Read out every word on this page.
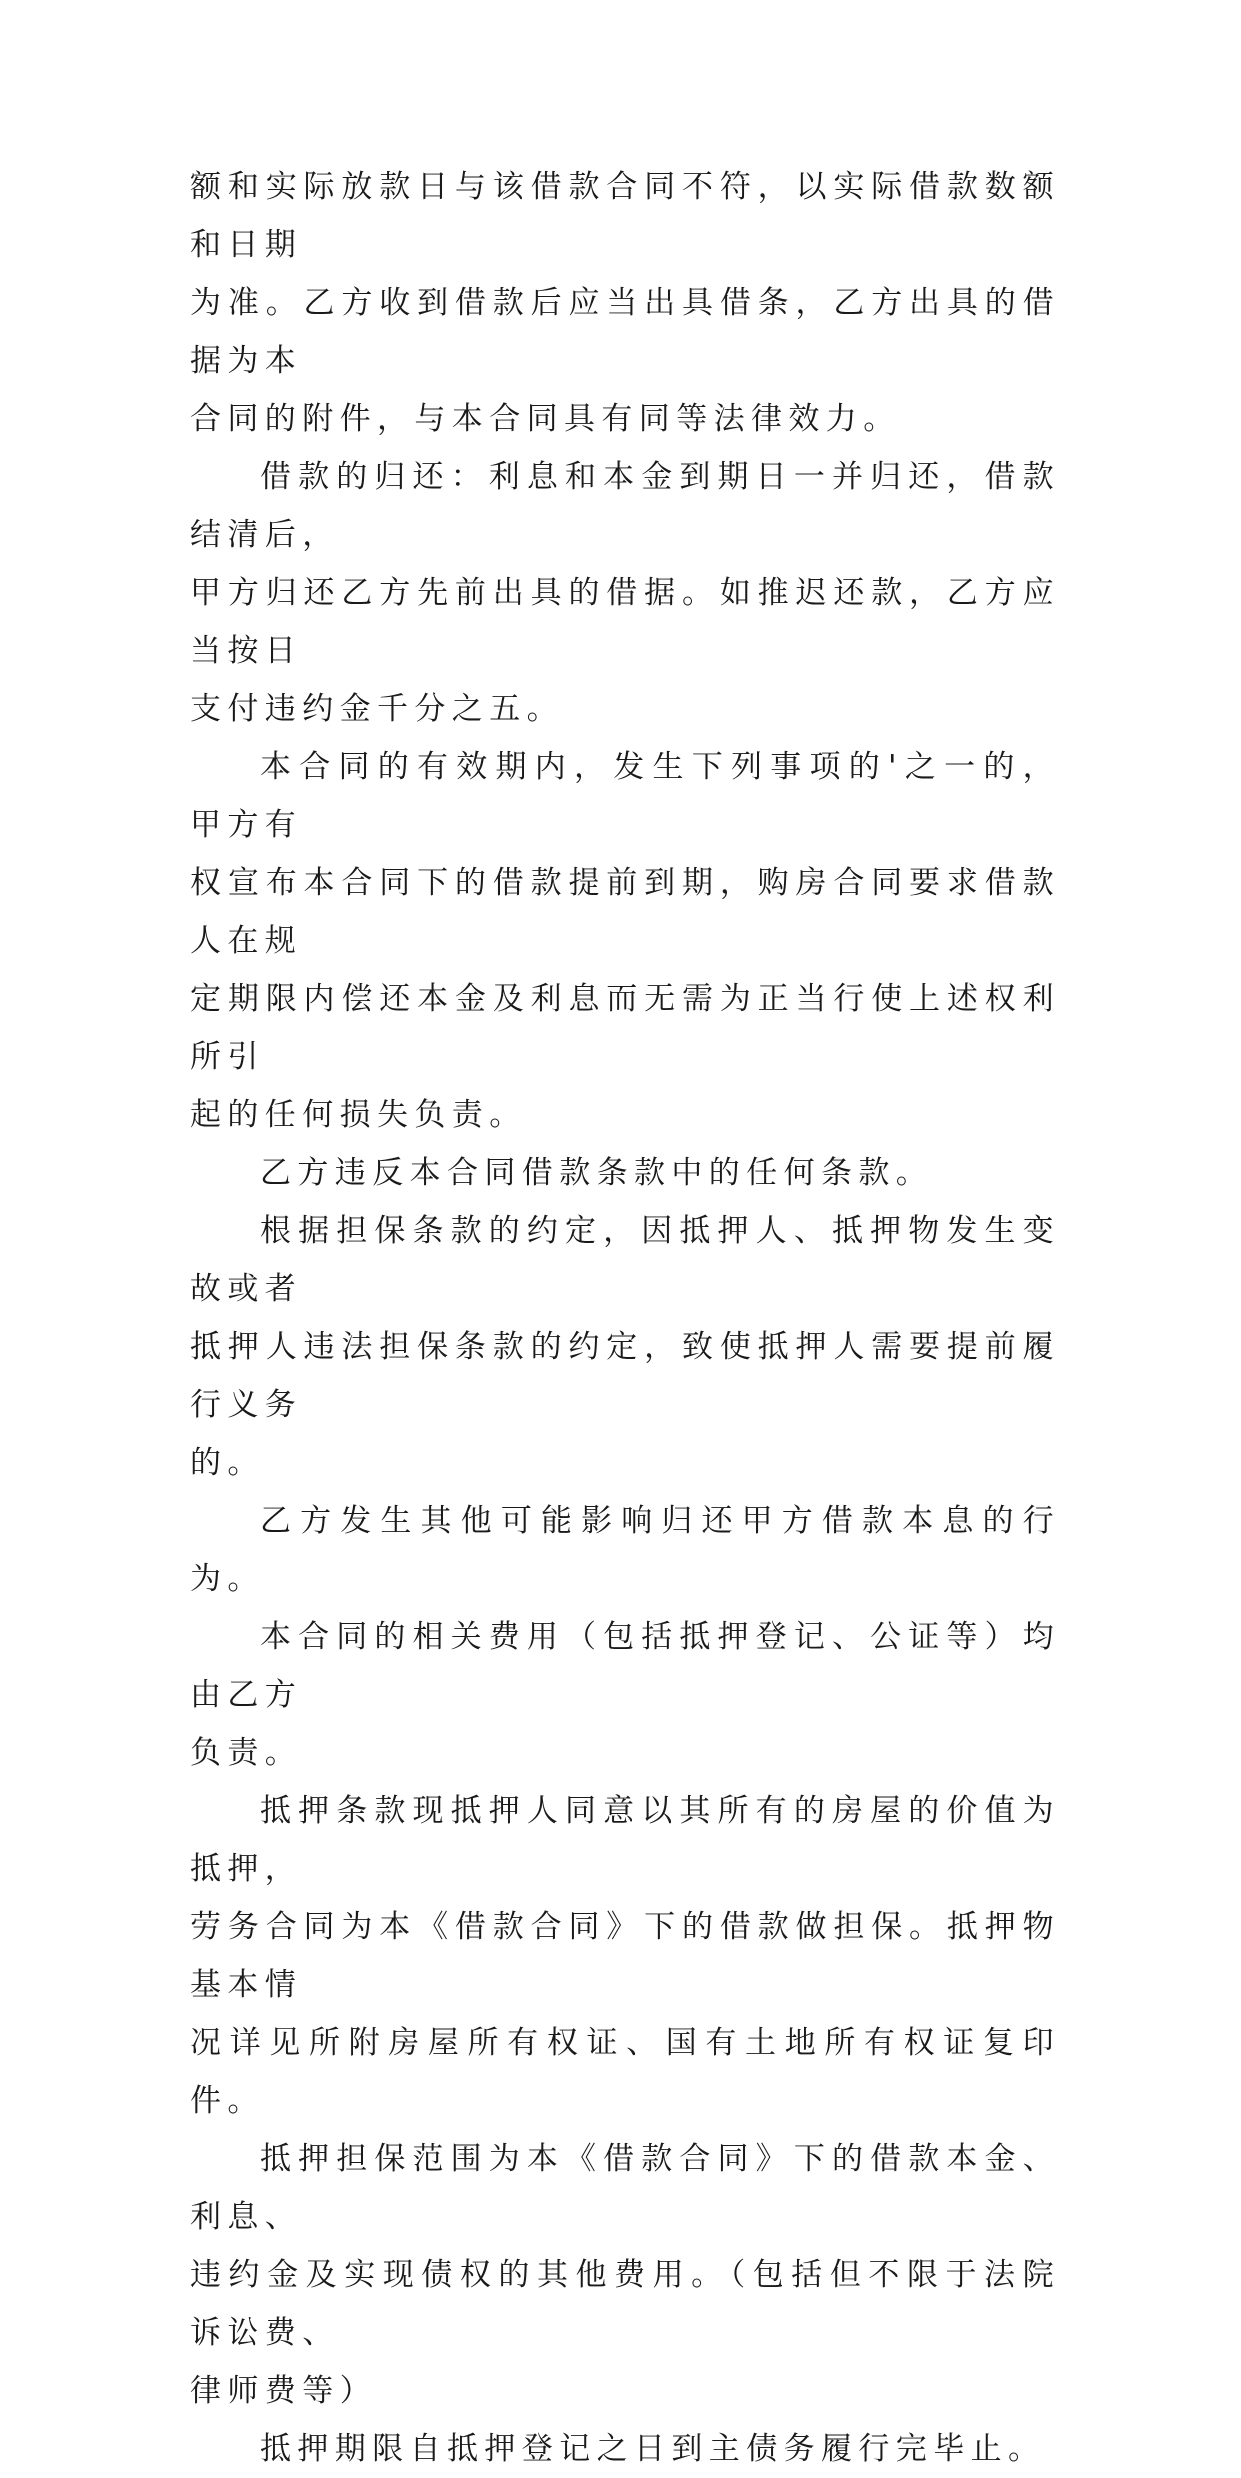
额和实际放款日与该借款合同不符，以实际借款数额和日期
为准。乙方收到借款后应当出具借条，乙方出具的借据为本
合同的附件，与本合同具有同等法律效力。

借款的归还：利息和本金到期日一并归还，借款结清后，
甲方归还乙方先前出具的借据。如推迟还款，乙方应当按日
支付违约金千分之五。

本合同的有效期内，发生下列事项的'之一的，甲方有
权宣布本合同下的借款提前到期，购房合同要求借款人在规
定期限内偿还本金及利息而无需为正当行使上述权利所引
起的任何损失负责。

乙方违反本合同借款条款中的任何条款。

根据担保条款的约定，因抵押人、抵押物发生变故或者
抵押人违法担保条款的约定，致使抵押人需要提前履行义务
的。

乙方发生其他可能影响归还甲方借款本息的行为。

本合同的相关费用（包括抵押登记、公证等）均由乙方
负责。

抵押条款现抵押人同意以其所有的房屋的价值为抵押，
劳务合同为本《借款合同》下的借款做担保。抵押物基本情
况详见所附房屋所有权证、国有土地所有权证复印件。

抵押担保范围为本《借款合同》下的借款本金、利息、
违约金及实现债权的其他费用。（包括但不限于法院诉讼费、
律师费等）

抵押期限自抵押登记之日到主债务履行完毕止。
